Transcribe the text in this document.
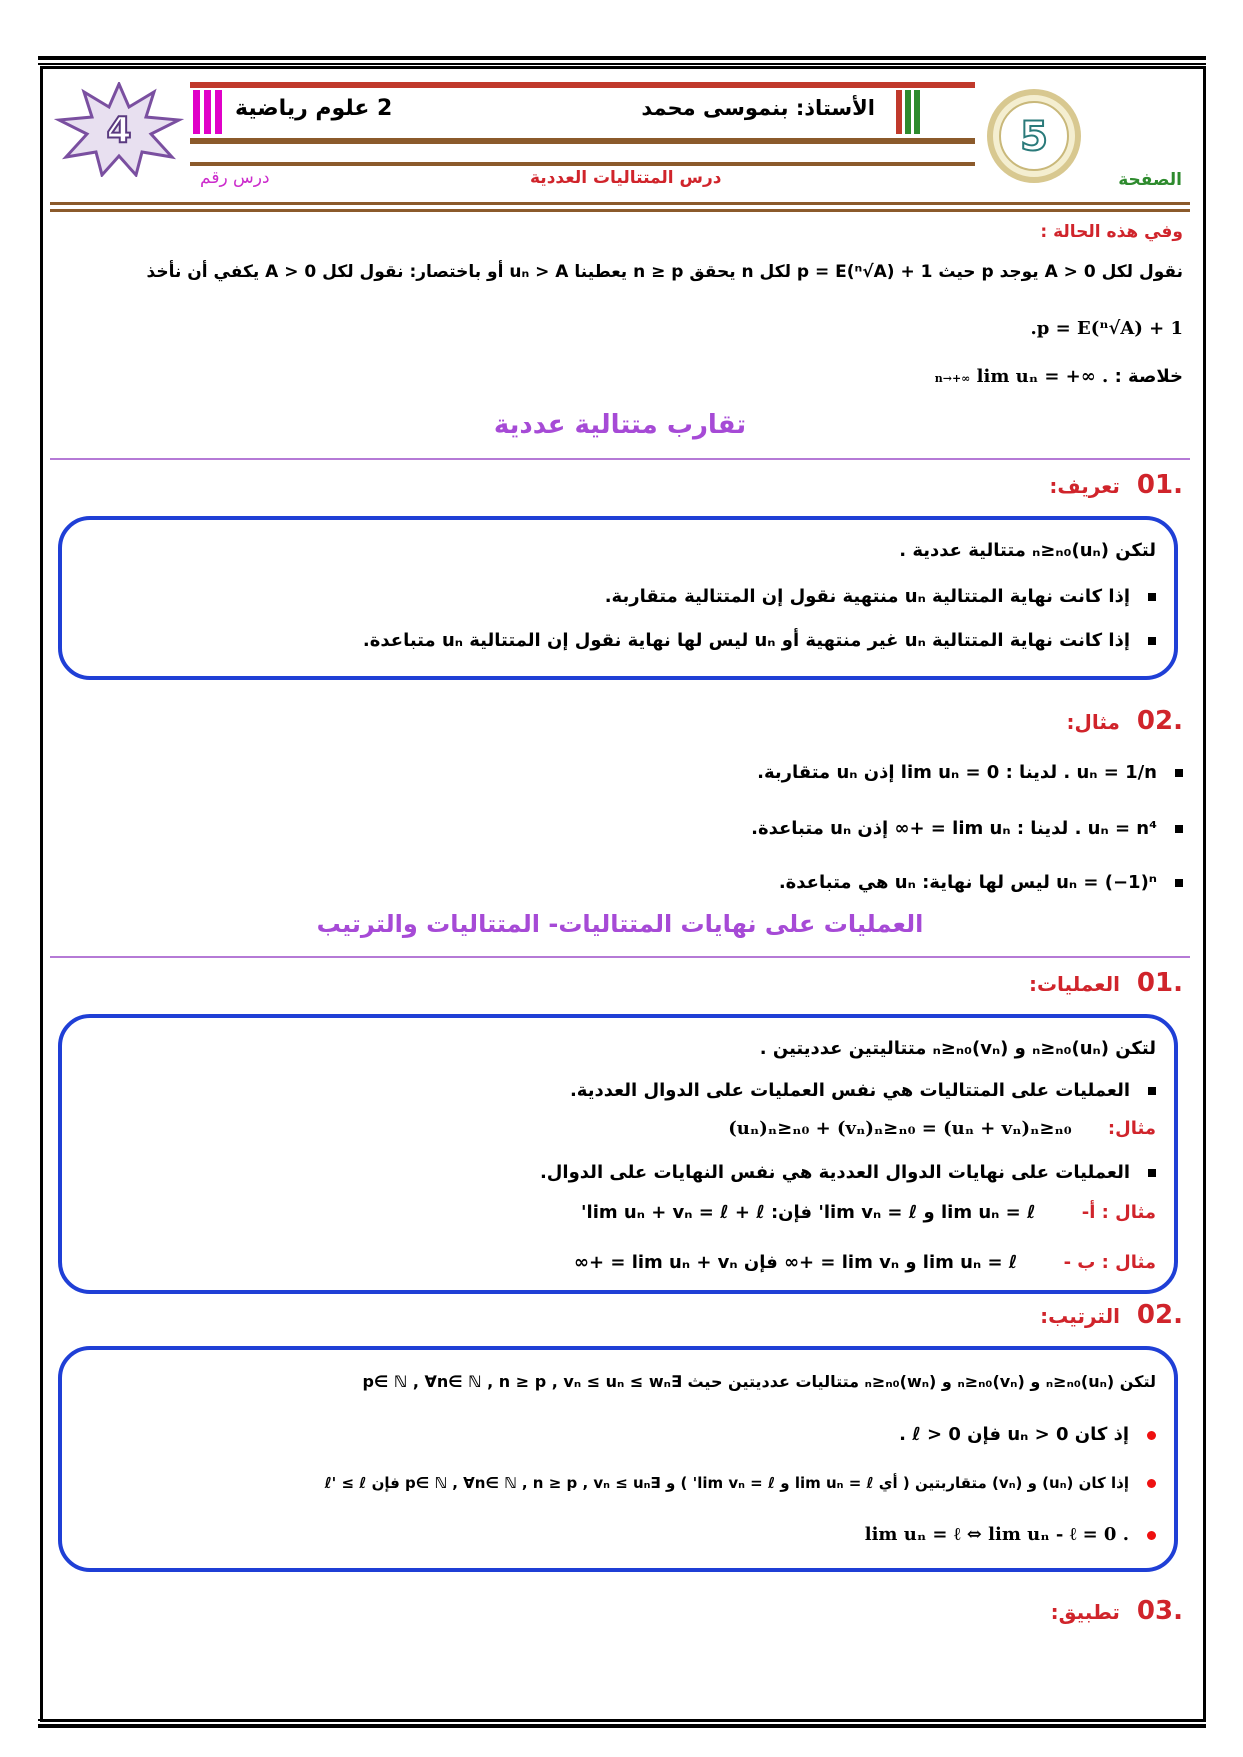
4
2 علوم رياضية	الأستاذ: بنموسى محمد
5
درس رقم	درس المتتاليات العددية	الصفحة
وفي هذه الحالة :
نقول لكل A > 0 يوجد p حيث p = E(ⁿ√A) + 1 لكل n يحقق n ≥ p يعطينا uₙ > A أو باختصار: نقول لكل A > 0 يكفي أن نأخذ
.p = E(ⁿ√A) + 1
خلاصة : lim uₙ = +∞ . n→+∞
تقارب متتالية عددية
.01 تعريف:
لتكن (uₙ)ₙ≥ₙ₀ متتالية عددية .
إذا كانت نهاية المتتالية uₙ منتهية نقول إن المتتالية متقاربة.
إذا كانت نهاية المتتالية uₙ غير منتهية أو uₙ ليس لها نهاية نقول إن المتتالية uₙ متباعدة.
.02 مثال:
uₙ = 1/n . لدينا : lim uₙ = 0 إذن uₙ متقاربة.
uₙ = n⁴ . لدينا : lim uₙ = +∞ إذن uₙ متباعدة.
uₙ = (−1)ⁿ ليس لها نهاية: uₙ هي متباعدة.
العمليات على نهايات المتتاليات- المتتاليات والترتيب
.01 العمليات:
لتكن (uₙ)ₙ≥ₙ₀ و (vₙ)ₙ≥ₙ₀ متتاليتين عدديتين .
العمليات على المتتاليات هي نفس العمليات على الدوال العددية.
مثال: (uₙ)ₙ≥ₙ₀ + (vₙ)ₙ≥ₙ₀ = (uₙ + vₙ)ₙ≥ₙ₀
العمليات على نهايات الدوال العددية هي نفس النهايات على الدوال.
مثال : أ- lim uₙ = ℓ و lim vₙ = ℓ' فإن: lim uₙ + vₙ = ℓ + ℓ'
مثال : ب - lim uₙ = ℓ و lim vₙ = +∞ فإن lim uₙ + vₙ = +∞
.02 الترتيب:
لتكن (uₙ)ₙ≥ₙ₀ و (vₙ)ₙ≥ₙ₀ و (wₙ)ₙ≥ₙ₀ متتاليات عدديتين حيث ∃p∈ ℕ , ∀n∈ ℕ , n ≥ p , vₙ ≤ uₙ ≤ wₙ
إذ كان uₙ > 0 فإن ℓ > 0 .
إذا كان (uₙ) و (vₙ) متقاربتين ( أي lim uₙ = ℓ و lim vₙ = ℓ' ) و ∃p∈ ℕ , ∀n∈ ℕ , n ≥ p , vₙ ≤ uₙ فإن ℓ' ≤ ℓ
lim uₙ = ℓ ⇔ lim uₙ - ℓ = 0 .
.03 تطبيق:
